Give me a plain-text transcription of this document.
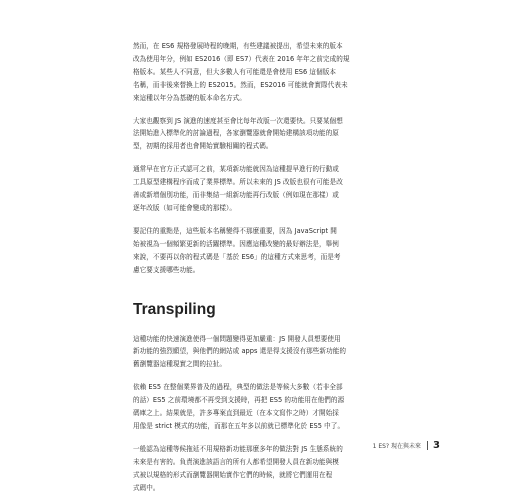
然而，在 ES6 規格發展時程的晚期，有些建議被提出，希望未來的版本
改為使用年分，例如 ES2016（即 ES7）代表在 2016 年年之前完成的規
格版本。某些人不同意，但大多數人有可能還是會使用 ES6 這個版本
名稱，而非後來替換上的 ES2015。然而，ES2016 可能就會實際代表未
來這種以年分為基礎的版本命名方式。

大家也觀察到 JS 演進的速度甚至會比每年改版一次還要快。只要某個想
法開始進入標準化的討論過程，各家瀏覽器就會開始建構該項功能的原
型，初期的採用者也會開始實驗相關的程式碼。

通常早在官方正式認可之前，某項新功能就因為這種提早進行的行動或
工具原型建構程序而成了業界標準。所以未來的 JS 改版也很有可能是改
善或新增個別功能，而非集結一組新功能再行改版（例如現在那樣）或
逐年改版（如可能會變成的那樣）。

要記住的重點是，這些版本名稱變得不那麼重要，因為 JavaScript 開
始被視為一個頻繁更新的活躍標準。因應這種改變的最好辦法是，舉例
來說，不要再以你的程式碼是「基於 ES6」的這種方式來思考，而是考
慮它要支援哪些功能。

Transpiling

這種功能的快速演進使得一個問題變得更加嚴重：JS 開發人員想要使用
新功能的強烈願望，與他們的網站或 apps 還是得支援沒有那些新功能的
舊瀏覽器這種現實之間的拉扯。

依賴 ES5 在整個業界普及的過程，典型的做法是等候大多數（若非全部
的話）ES5 之前環境都不再受到支援時，再把 ES5 的功能用在他們的源
碼庫之上。結果就是，許多專案直到最近（在本文寫作之時）才開始採
用像是 strict 模式的功能，而那在五年多以前就已標準化於 ES5 中了。

一般認為這種等候拖延不用規格新功能那麼多年的做法對 JS 生態系統的
未來是有害的。負責演進該語言的所有人都希望開發人員在新功能與模
式被以規格的形式而瀏覽器開始實作它們的時候，就將它們運用在程
式碼中。

1 ES? 現在與未來 3
